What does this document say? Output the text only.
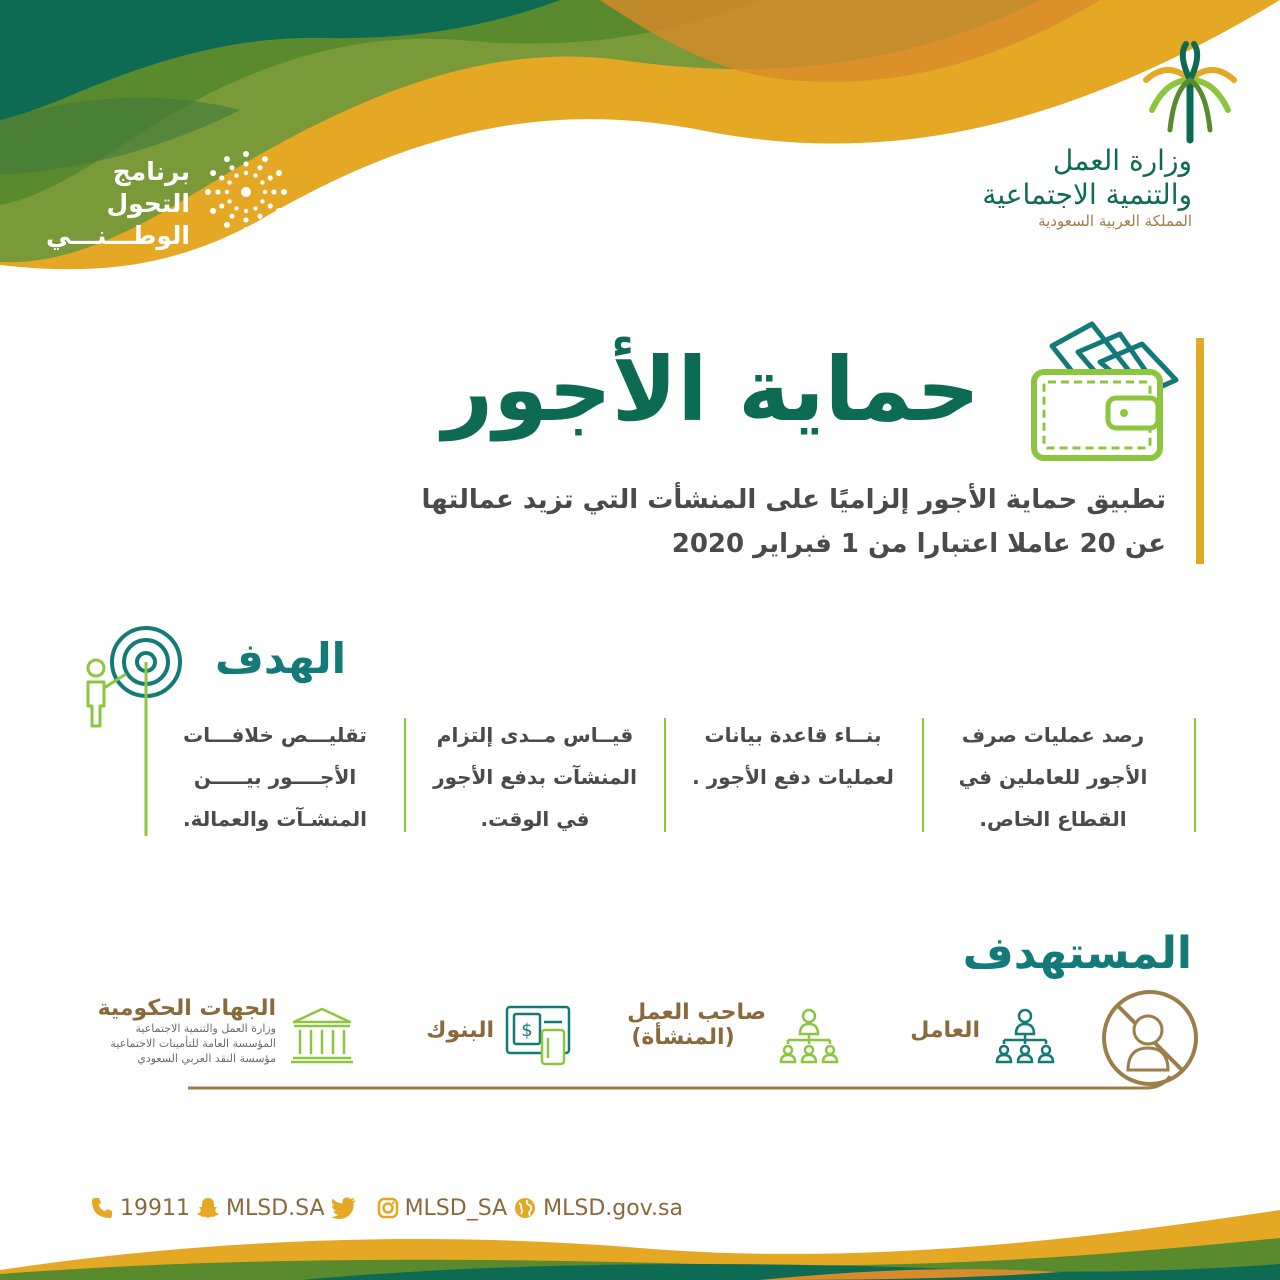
برنامج التحول
الوطـــنـــي
وزارة العمل
والتنمية الاجتماعية
المملكة العربية السعودية
حماية الأجور
تطبيق حماية الأجور إلزاميًا على المنشأت التي تزيد عمالتها عن 20 عاملا اعتبارا من 1 فبراير 2020
الهدف
رصد عمليات صرف الأجور للعاملين في القطاع الخاص.
بنــاء قاعدة بيانات لعمليات دفع الأجور .
قيــاس مــدى إلتزام المنشآت بدفع الأجور في الوقت.
تقليـــص خلافـــات الأجــــور بيـــــن المنشـآت والعمالة.
المستهدف
العامل
صاحب العمل
(المنشأة)
$
البنوك
الجهات الحكومية
وزارة العمل والتنمية الاجتماعية
المؤسسة العامة للتأمينات الاجتماعية
مؤسسة النقد العربي السعودي
19911 MLSD.SA	MLSD_SA MLSD.gov.sa
